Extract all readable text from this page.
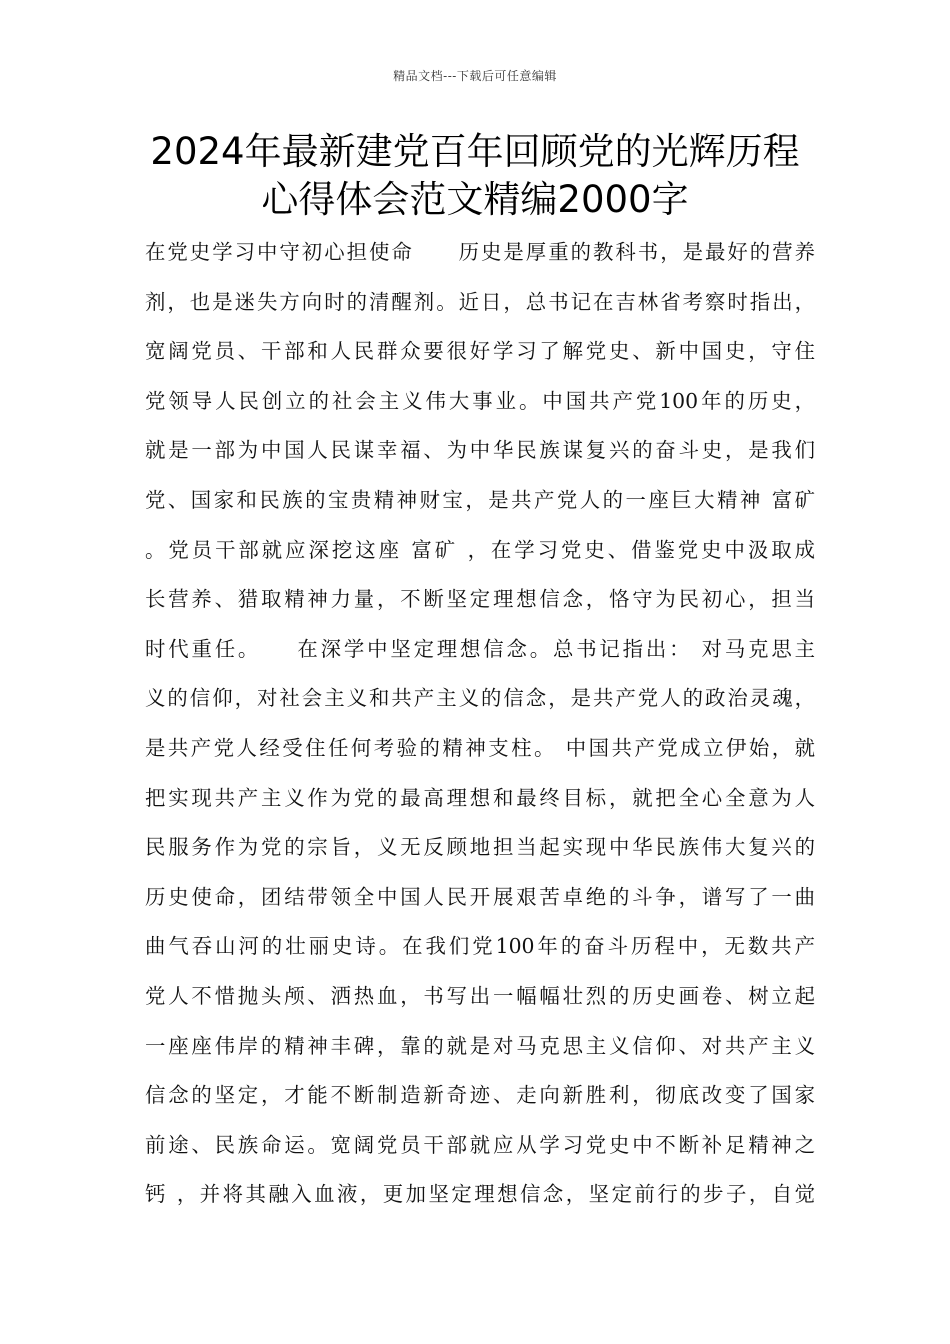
精品文档---下载后可任意编辑
2024年最新建党百年回顾党的光辉历程
心得体会范文精编2000字
在党史学习中守初心担使命　　历史是厚重的教科书，是最好的营养
剂，也是迷失方向时的清醒剂。近日，总书记在吉林省考察时指出，
宽阔党员、干部和人民群众要很好学习了解党史、新中国史，守住
党领导人民创立的社会主义伟大事业。中国共产党100年的历史，
就是一部为中国人民谋幸福、为中华民族谋复兴的奋斗史，是我们
党、国家和民族的宝贵精神财宝，是共产党人的一座巨大精神 富矿
。党员干部就应深挖这座 富矿 ，在学习党史、借鉴党史中汲取成
长营养、猎取精神力量，不断坚定理想信念，恪守为民初心，担当
时代重任。　　在深学中坚定理想信念。总书记指出： 对马克思主
义的信仰，对社会主义和共产主义的信念，是共产党人的政治灵魂，
是共产党人经受住任何考验的精神支柱。 中国共产党成立伊始，就
把实现共产主义作为党的最高理想和最终目标，就把全心全意为人
民服务作为党的宗旨，义无反顾地担当起实现中华民族伟大复兴的
历史使命，团结带领全中国人民开展艰苦卓绝的斗争，谱写了一曲
曲气吞山河的壮丽史诗。在我们党100年的奋斗历程中，无数共产
党人不惜抛头颅、洒热血，书写出一幅幅壮烈的历史画卷、树立起
一座座伟岸的精神丰碑，靠的就是对马克思主义信仰、对共产主义
信念的坚定，才能不断制造新奇迹、走向新胜利，彻底改变了国家
前途、民族命运。宽阔党员干部就应从学习党史中不断补足精神之
钙 ，并将其融入血液，更加坚定理想信念，坚定前行的步子，自觉
